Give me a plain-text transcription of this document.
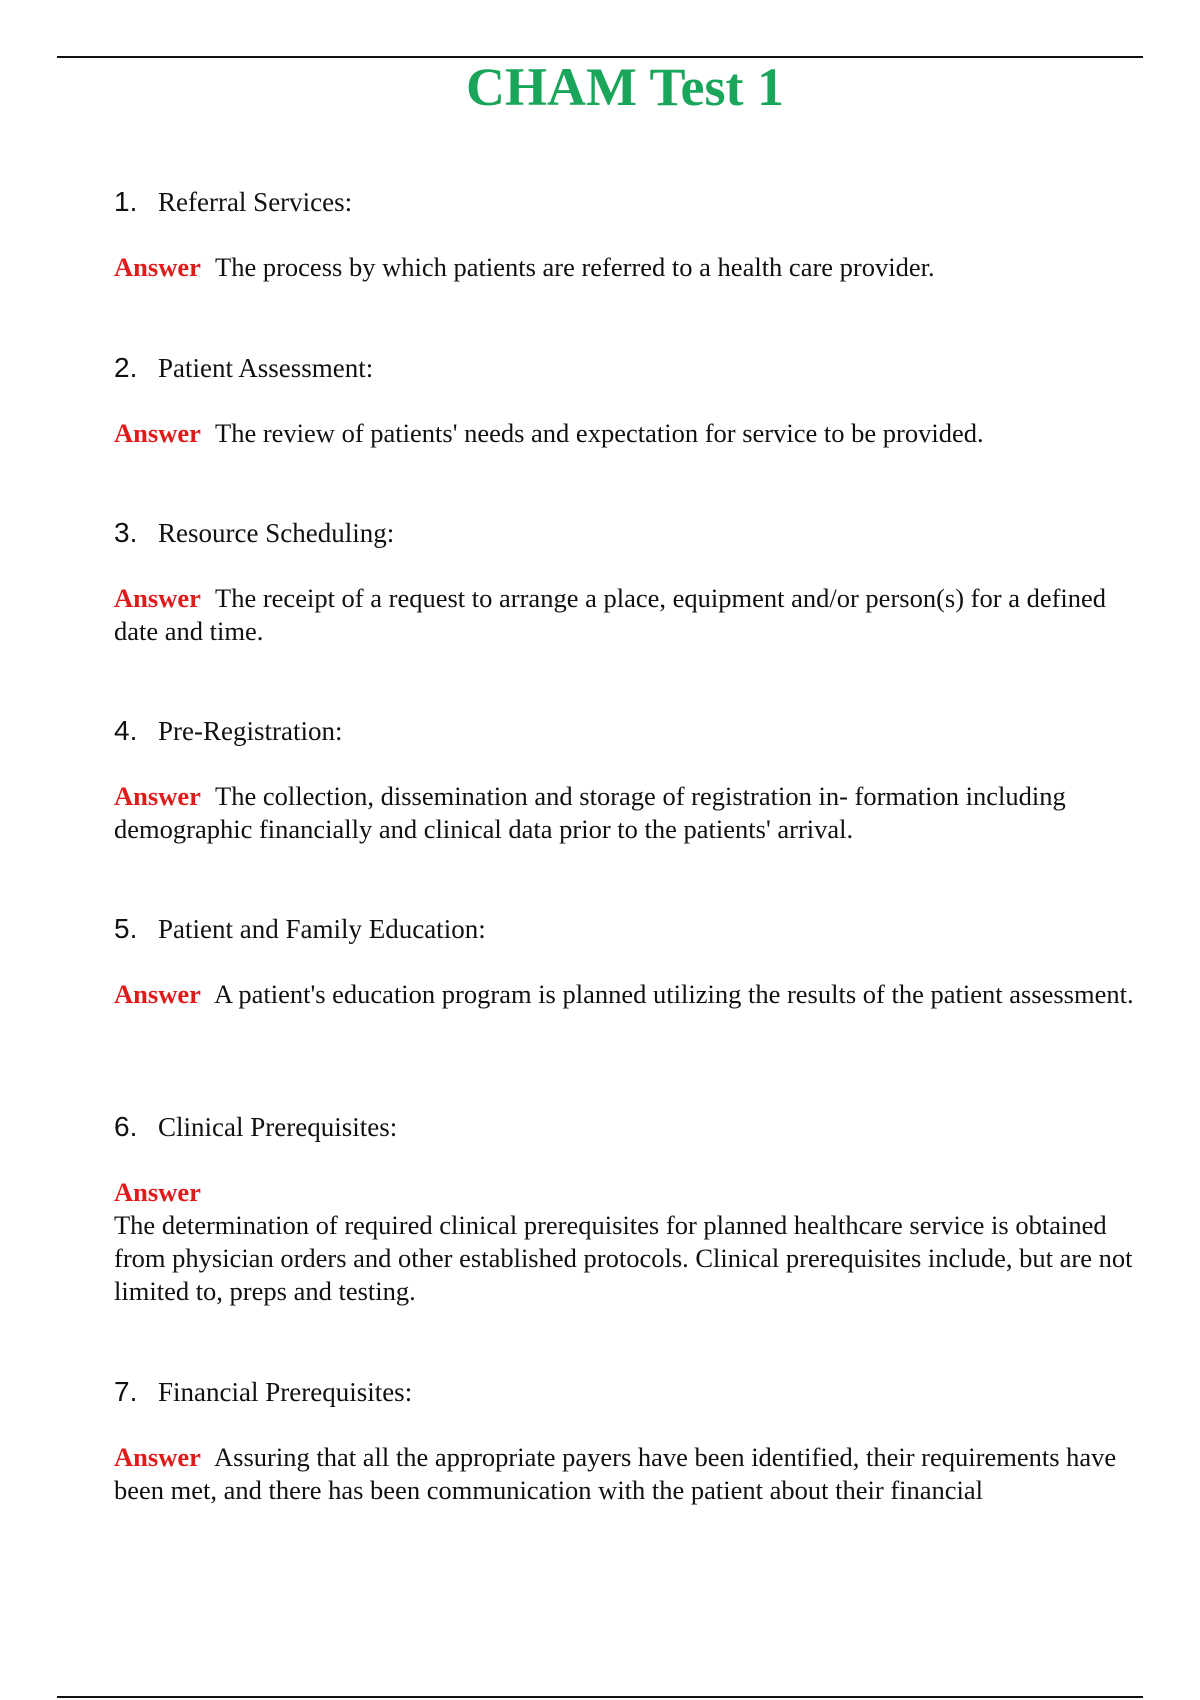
CHAM Test 1

1. Referral Services:

Answer The process by which patients are referred to a health care provider.

2. Patient Assessment:

Answer The review of patients' needs and expectation for service to be provided.

3. Resource Scheduling:

Answer The receipt of a request to arrange a place, equipment and/or person(s) for a defined date and time.

4. Pre-Registration:

Answer The collection, dissemination and storage of registration in- formation including demographic financially and clinical data prior to the patients' arrival.

5. Patient and Family Education:

Answer A patient's education program is planned utilizing the results of the patient assessment.

6. Clinical Prerequisites:

Answer
The determination of required clinical prerequisites for planned healthcare service is obtained from physician orders and other established protocols. Clinical prerequisites include, but are not limited to, preps and testing.

7. Financial Prerequisites:

Answer Assuring that all the appropriate payers have been identified, their requirements have been met, and there has been communication with the patient about their financial
